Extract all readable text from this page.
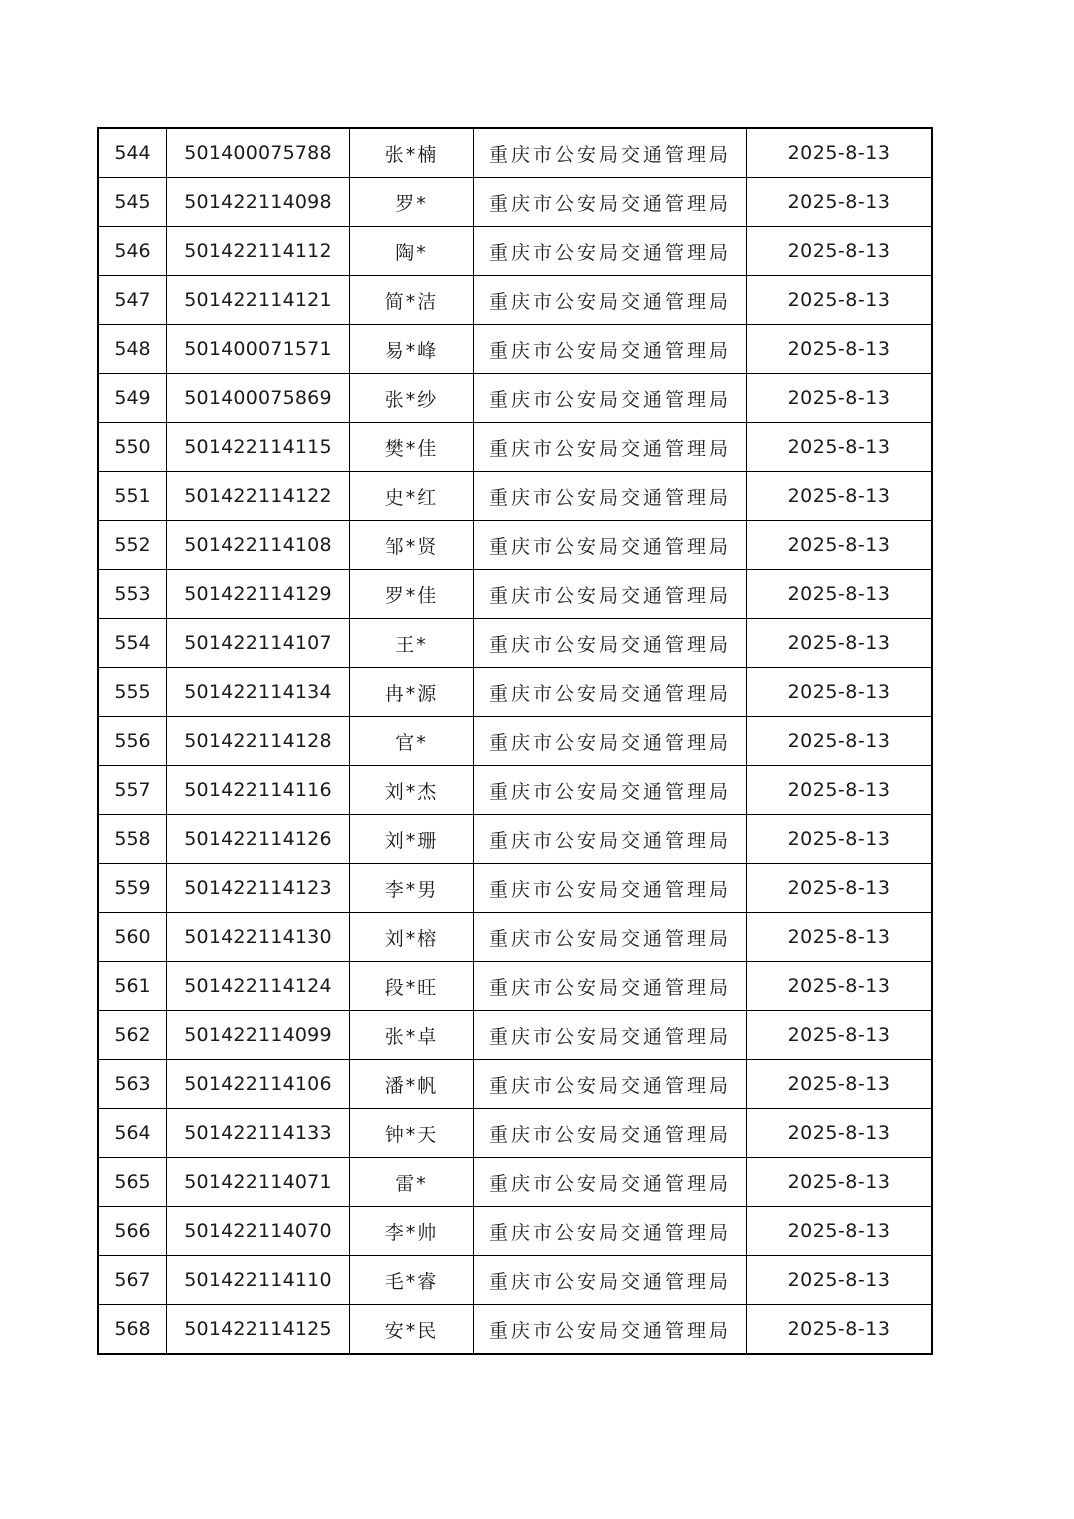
544	501400075788	张*楠	重庆市公安局交通管理局	2025-8-13
545	501422114098	罗*	重庆市公安局交通管理局	2025-8-13
546	501422114112	陶*	重庆市公安局交通管理局	2025-8-13
547	501422114121	简*洁	重庆市公安局交通管理局	2025-8-13
548	501400071571	易*峰	重庆市公安局交通管理局	2025-8-13
549	501400075869	张*纱	重庆市公安局交通管理局	2025-8-13
550	501422114115	樊*佳	重庆市公安局交通管理局	2025-8-13
551	501422114122	史*红	重庆市公安局交通管理局	2025-8-13
552	501422114108	邹*贤	重庆市公安局交通管理局	2025-8-13
553	501422114129	罗*佳	重庆市公安局交通管理局	2025-8-13
554	501422114107	王*	重庆市公安局交通管理局	2025-8-13
555	501422114134	冉*源	重庆市公安局交通管理局	2025-8-13
556	501422114128	官*	重庆市公安局交通管理局	2025-8-13
557	501422114116	刘*杰	重庆市公安局交通管理局	2025-8-13
558	501422114126	刘*珊	重庆市公安局交通管理局	2025-8-13
559	501422114123	李*男	重庆市公安局交通管理局	2025-8-13
560	501422114130	刘*榕	重庆市公安局交通管理局	2025-8-13
561	501422114124	段*旺	重庆市公安局交通管理局	2025-8-13
562	501422114099	张*卓	重庆市公安局交通管理局	2025-8-13
563	501422114106	潘*帆	重庆市公安局交通管理局	2025-8-13
564	501422114133	钟*天	重庆市公安局交通管理局	2025-8-13
565	501422114071	雷*	重庆市公安局交通管理局	2025-8-13
566	501422114070	李*帅	重庆市公安局交通管理局	2025-8-13
567	501422114110	毛*睿	重庆市公安局交通管理局	2025-8-13
568	501422114125	安*民	重庆市公安局交通管理局	2025-8-13
